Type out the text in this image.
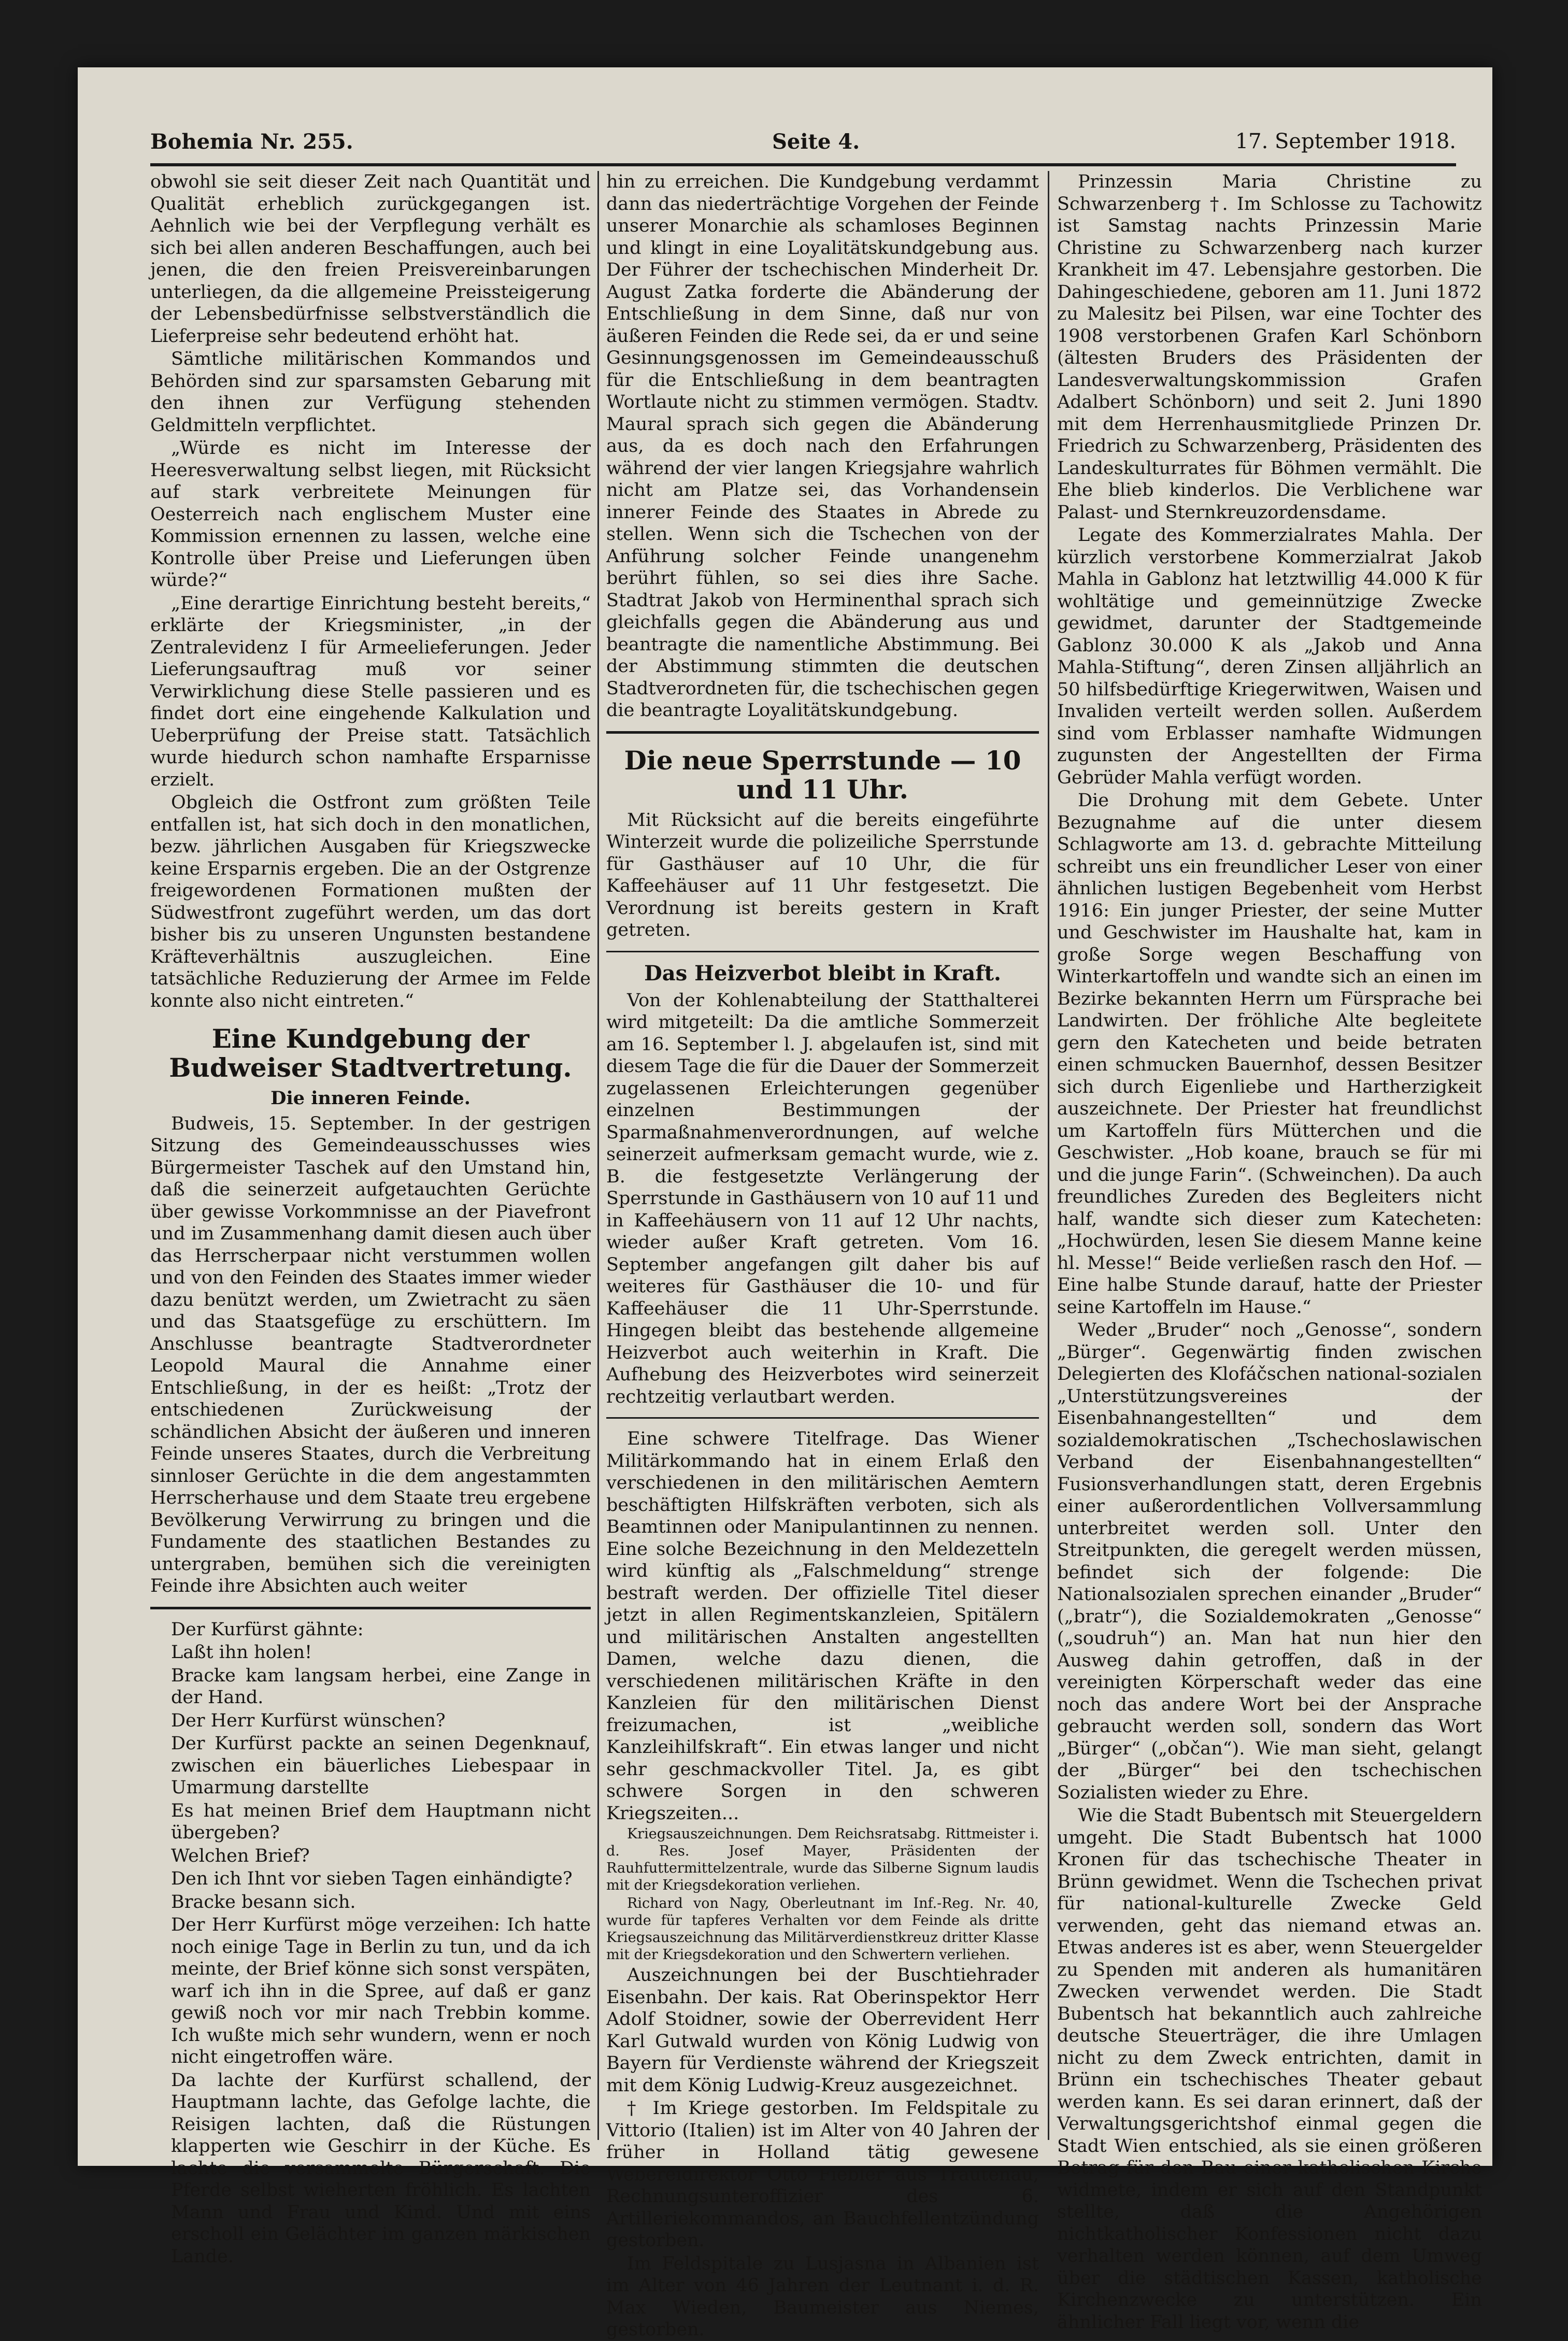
Bohemia Nr. 255.	Seite 4.	17. September 1918.

obwohl sie seit dieser Zeit nach Quantität und Qualität erheblich zurückgegangen ist. Aehnlich wie bei der Verpflegung verhält es sich bei allen anderen Beschaffungen, auch bei jenen, die den freien Preisvereinbarungen unterliegen, da die allgemeine Preissteigerung der Lebensbedürfnisse selbstverständlich die Lieferpreise sehr bedeutend erhöht hat.

Sämtliche militärischen Kommandos und Behörden sind zur sparsamsten Gebarung mit den ihnen zur Verfügung stehenden Geldmitteln verpflichtet.

„Würde es nicht im Interesse der Heeresverwaltung selbst liegen, mit Rücksicht auf stark verbreitete Meinungen für Oesterreich nach englischem Muster eine Kommission ernennen zu lassen, welche eine Kontrolle über Preise und Lieferungen üben würde?“

„Eine derartige Einrichtung besteht bereits,“ erklärte der Kriegsminister, „in der Zentralevidenz I für Armeelieferungen. Jeder Lieferungsauftrag muß vor seiner Verwirklichung diese Stelle passieren und es findet dort eine eingehende Kalkulation und Ueberprüfung der Preise statt. Tatsächlich wurde hiedurch schon namhafte Ersparnisse erzielt.

Obgleich die Ostfront zum größten Teile entfallen ist, hat sich doch in den monatlichen, bezw. jährlichen Ausgaben für Kriegszwecke keine Ersparnis ergeben. Die an der Ostgrenze freigewordenen Formationen mußten der Südwestfront zugeführt werden, um das dort bisher bis zu unseren Ungunsten bestandene Kräfteverhältnis auszugleichen. Eine tatsächliche Reduzierung der Armee im Felde konnte also nicht eintreten.“

Eine Kundgebung der Budweiser Stadtvertretung.
Die inneren Feinde.

Budweis, 15. September. In der gestrigen Sitzung des Gemeindeausschusses wies Bürgermeister Taschek auf den Umstand hin, daß die seinerzeit aufgetauchten Gerüchte über gewisse Vorkommnisse an der Piavefront und im Zusammenhang damit diesen auch über das Herrscherpaar nicht verstummen wollen und von den Feinden des Staates immer wieder dazu benützt werden, um Zwietracht zu säen und das Staatsgefüge zu erschüttern. Im Anschlusse beantragte Stadtverordneter Leopold Maural die Annahme einer Entschließung, in der es heißt: „Trotz der entschiedenen Zurückweisung der schändlichen Absicht der äußeren und inneren Feinde unseres Staates, durch die Verbreitung sinnloser Gerüchte in die dem angestammten Herrscherhause und dem Staate treu ergebene Bevölkerung Verwirrung zu bringen und die Fundamente des staatlichen Bestandes zu untergraben, bemühen sich die vereinigten Feinde ihre Absichten auch weiter

Der Kurfürst gähnte:

Laßt ihn holen!

Bracke kam langsam herbei, eine Zange in der Hand.

Der Herr Kurfürst wünschen?

Der Kurfürst packte an seinen Degenknauf, zwischen ein bäuerliches Liebespaar in Umarmung darstellte

Es hat meinen Brief dem Hauptmann nicht übergeben?

Welchen Brief?

Den ich Ihnt vor sieben Tagen einhändigte?

Bracke besann sich.

Der Herr Kurfürst möge verzeihen: Ich hatte noch einige Tage in Berlin zu tun, und da ich meinte, der Brief könne sich sonst verspäten, warf ich ihn in die Spree, auf daß er ganz gewiß noch vor mir nach Trebbin komme. Ich wußte mich sehr wundern, wenn er noch nicht eingetroffen wäre.

Da lachte der Kurfürst schallend, der Hauptmann lachte, das Gefolge lachte, die Reisigen lachten, daß die Rüstungen klapperten wie Geschirr in der Küche. Es lachte die versammelte Bürgerschaft. Die Pferde selbst wieherten fröhlich. Es lachten Mann und Frau und Kind. Und mit eins erscholl ein Gelächter im ganzen märkischen Lande.

hin zu erreichen. Die Kundgebung verdammt dann das niederträchtige Vorgehen der Feinde unserer Monarchie als schamloses Beginnen und klingt in eine Loyalitätskundgebung aus. Der Führer der tschechischen Minderheit Dr. August Zatka forderte die Abänderung der Entschließung in dem Sinne, daß nur von äußeren Feinden die Rede sei, da er und seine Gesinnungsgenossen im Gemeindeausschuß für die Entschließung in dem beantragten Wortlaute nicht zu stimmen vermögen. Stadtv. Maural sprach sich gegen die Abänderung aus, da es doch nach den Erfahrungen während der vier langen Kriegsjahre wahrlich nicht am Platze sei, das Vorhandensein innerer Feinde des Staates in Abrede zu stellen. Wenn sich die Tschechen von der Anführung solcher Feinde unangenehm berührt fühlen, so sei dies ihre Sache. Stadtrat Jakob von Herminenthal sprach sich gleichfalls gegen die Abänderung aus und beantragte die namentliche Abstimmung. Bei der Abstimmung stimmten die deutschen Stadtverordneten für, die tschechischen gegen die beantragte Loyalitätskundgebung.

Die neue Sperrstunde — 10 und 11 Uhr.

Mit Rücksicht auf die bereits eingeführte Winterzeit wurde die polizeiliche Sperrstunde für Gasthäuser auf 10 Uhr, die für Kaffeehäuser auf 11 Uhr festgesetzt. Die Verordnung ist bereits gestern in Kraft getreten.

Das Heizverbot bleibt in Kraft.

Von der Kohlenabteilung der Statthalterei wird mitgeteilt: Da die amtliche Sommerzeit am 16. September l. J. abgelaufen ist, sind mit diesem Tage die für die Dauer der Sommerzeit zugelassenen Erleichterungen gegenüber einzelnen Bestimmungen der Sparmaßnahmenverordnungen, auf welche seinerzeit aufmerksam gemacht wurde, wie z. B. die festgesetzte Verlängerung der Sperrstunde in Gasthäusern von 10 auf 11 und in Kaffeehäusern von 11 auf 12 Uhr nachts, wieder außer Kraft getreten. Vom 16. September angefangen gilt daher bis auf weiteres für Gasthäuser die 10- und für Kaffeehäuser die 11 Uhr-Sperrstunde. Hingegen bleibt das bestehende allgemeine Heizverbot auch weiterhin in Kraft. Die Aufhebung des Heizverbotes wird seinerzeit rechtzeitig verlautbart werden.

Eine schwere Titelfrage. Das Wiener Militärkommando hat in einem Erlaß den verschiedenen in den militärischen Aemtern beschäftigten Hilfskräften verboten, sich als Beamtinnen oder Manipulantinnen zu nennen. Eine solche Bezeichnung in den Meldezetteln wird künftig als „Falschmeldung“ strenge bestraft werden. Der offizielle Titel dieser jetzt in allen Regimentskanzleien, Spitälern und militärischen Anstalten angestellten Damen, welche dazu dienen, die verschiedenen militärischen Kräfte in den Kanzleien für den militärischen Dienst freizumachen, ist „weibliche Kanzleihilfskraft“. Ein etwas langer und nicht sehr geschmackvoller Titel. Ja, es gibt schwere Sorgen in den schweren Kriegszeiten...

Kriegsauszeichnungen. Dem Reichsratsabg. Rittmeister i. d. Res. Josef Mayer, Präsidenten der Rauhfuttermittelzentrale, wurde das Silberne Signum laudis mit der Kriegsdekoration verliehen.

Richard von Nagy, Oberleutnant im Inf.-Reg. Nr. 40, wurde für tapferes Verhalten vor dem Feinde als dritte Kriegsauszeichnung das Militärverdienstkreuz dritter Klasse mit der Kriegsdekoration und den Schwertern verliehen.

Auszeichnungen bei der Buschtiehrader Eisenbahn. Der kais. Rat Oberinspektor Herr Adolf Stoidner, sowie der Oberrevident Herr Karl Gutwald wurden von König Ludwig von Bayern für Verdienste während der Kriegszeit mit dem König Ludwig-Kreuz ausgezeichnet.

† Im Kriege gestorben. Im Feldspitale zu Vittorio (Italien) ist im Alter von 40 Jahren der früher in Holland tätig gewesene Webereidirektor Otto Fiebler aus Trautenau, Rechnungsunteroffizier des 6. Artilleriekommandos, an Bauchfellentzündung gestorben.

Im Feldspitale zu Lusjasna in Albanien ist im Alter von 46 Jahren der Leutnant i. d. R. Max Wieden, Baumeister aus Niemes, gestorben.

Prinzessin Maria Christine zu Schwarzenberg †. Im Schlosse zu Tachowitz ist Samstag nachts Prinzessin Marie Christine zu Schwarzenberg nach kurzer Krankheit im 47. Lebensjahre gestorben. Die Dahingeschiedene, geboren am 11. Juni 1872 zu Malesitz bei Pilsen, war eine Tochter des 1908 verstorbenen Grafen Karl Schönborn (ältesten Bruders des Präsidenten der Landesverwaltungskommission Grafen Adalbert Schönborn) und seit 2. Juni 1890 mit dem Herrenhausmitgliede Prinzen Dr. Friedrich zu Schwarzenberg, Präsidenten des Landeskulturrates für Böhmen vermählt. Die Ehe blieb kinderlos. Die Verblichene war Palast- und Sternkreuzordensdame.

Legate des Kommerzialrates Mahla. Der kürzlich verstorbene Kommerzialrat Jakob Mahla in Gablonz hat letztwillig 44.000 K für wohltätige und gemeinnützige Zwecke gewidmet, darunter der Stadtgemeinde Gablonz 30.000 K als „Jakob und Anna Mahla-Stiftung“, deren Zinsen alljährlich an 50 hilfsbedürftige Kriegerwitwen, Waisen und Invaliden verteilt werden sollen. Außerdem sind vom Erblasser namhafte Widmungen zugunsten der Angestellten der Firma Gebrüder Mahla verfügt worden.

Die Drohung mit dem Gebete. Unter Bezugnahme auf die unter diesem Schlagworte am 13. d. gebrachte Mitteilung schreibt uns ein freundlicher Leser von einer ähnlichen lustigen Begebenheit vom Herbst 1916: Ein junger Priester, der seine Mutter und Geschwister im Haushalte hat, kam in große Sorge wegen Beschaffung von Winterkartoffeln und wandte sich an einen im Bezirke bekannten Herrn um Fürsprache bei Landwirten. Der fröhliche Alte begleitete gern den Katecheten und beide betraten einen schmucken Bauernhof, dessen Besitzer sich durch Eigenliebe und Hartherzigkeit auszeichnete. Der Priester hat freundlichst um Kartoffeln fürs Mütterchen und die Geschwister. „Hob koane, brauch se für mi und die junge Farin“. (Schweinchen). Da auch freundliches Zureden des Begleiters nicht half, wandte sich dieser zum Katecheten: „Hochwürden, lesen Sie diesem Manne keine hl. Messe!“ Beide verließen rasch den Hof. — Eine halbe Stunde darauf, hatte der Priester seine Kartoffeln im Hause.“

Weder „Bruder“ noch „Genosse“, sondern „Bürger“. Gegenwärtig finden zwischen Delegierten des Klofáčschen national-sozialen „Unterstützungsvereines der Eisenbahnangestellten“ und dem sozialdemokratischen „Tschechoslawischen Verband der Eisenbahnangestellten“ Fusionsverhandlungen statt, deren Ergebnis einer außerordentlichen Vollversammlung unterbreitet werden soll. Unter den Streitpunkten, die geregelt werden müssen, befindet sich der folgende: Die Nationalsozialen sprechen einander „Bruder“ („bratr“), die Sozialdemokraten „Genosse“ („soudruh“) an. Man hat nun hier den Ausweg dahin getroffen, daß in der vereinigten Körperschaft weder das eine noch das andere Wort bei der Ansprache gebraucht werden soll, sondern das Wort „Bürger“ („občan“). Wie man sieht, gelangt der „Bürger“ bei den tschechischen Sozialisten wieder zu Ehre.

Wie die Stadt Bubentsch mit Steuergeldern umgeht. Die Stadt Bubentsch hat 1000 Kronen für das tschechische Theater in Brünn gewidmet. Wenn die Tschechen privat für national-kulturelle Zwecke Geld verwenden, geht das niemand etwas an. Etwas anderes ist es aber, wenn Steuergelder zu Spenden mit anderen als humanitären Zwecken verwendet werden. Die Stadt Bubentsch hat bekanntlich auch zahlreiche deutsche Steuerträger, die ihre Umlagen nicht zu dem Zweck entrichten, damit in Brünn ein tschechisches Theater gebaut werden kann. Es sei daran erinnert, daß der Verwaltungsgerichtshof einmal gegen die Stadt Wien entschied, als sie einen größeren Betrag für den Bau einer katholischen Kirche widmete, indem er sich auf den Standpunkt stellte, daß die Angehörigen nichtkatholischer Konfessionen nicht dazu verhalten werden können, auf dem Umweg über die städtischen Kassen, katholische Kirchenzwecke zu unterstützen. Ein ähnlicher Fall liegt vor, wenn die
